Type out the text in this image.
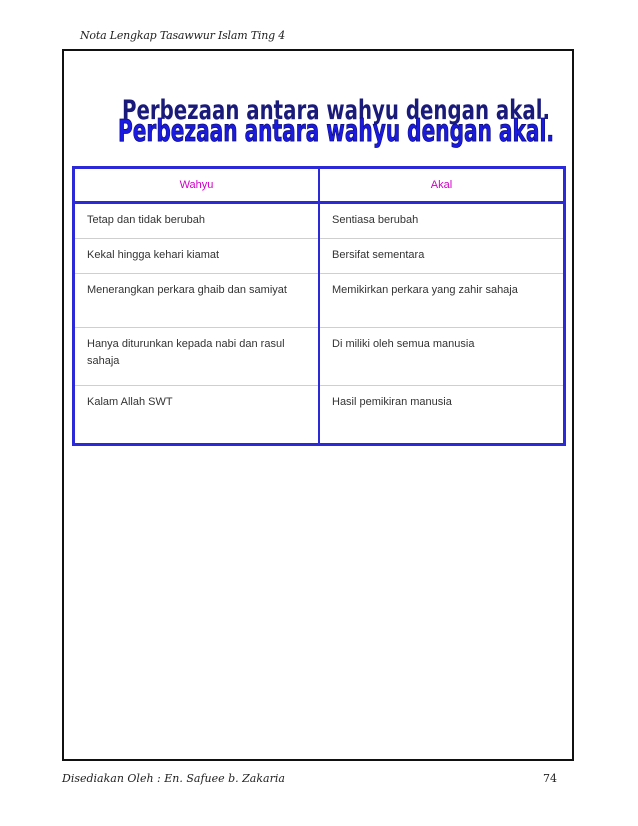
Nota Lengkap Tasawwur Islam Ting 4
Perbezaan antara wahyu dengan akal.
Perbezaan antara wahyu dengan akal.
Wahyu	Akal
Tetap dan tidak berubah	Sentiasa berubah
Kekal hingga kehari kiamat	Bersifat sementara
Menerangkan perkara ghaib dan samiyat	Memikirkan perkara yang zahir sahaja
Hanya diturunkan kepada nabi dan rasul sahaja	Di miliki oleh semua manusia
Kalam Allah SWT	Hasil pemikiran manusia
Disediakan Oleh : En. Safuee b. Zakaria	74
